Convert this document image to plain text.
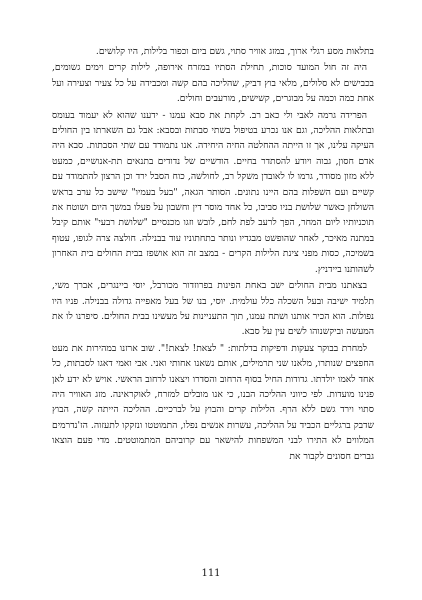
בתלאות מסע רגלי ארוך, במזג אוויר סתוי, גשם ביום וכפור בלילות, היו קלושים.

היה זה חול המועד סוכות, תחילת הסתיו במזרח אירופה, לילות קרים וימים גשומים, בכבישים לא סלולים, מלאי בוץ דביק, שהליכה בהם קשה ומכבידה על כל צעיר וצעירה ועל אחת כמה וכמה על מבוגרים, קשישים, מורעבים וחולים.

הפרידה גרמה לאבי ולי כאב רב. לקחת את סבא עמנו - ידענו שהוא לא יעמוד בעומס ובתלאות ההליכה, וגם אנו נכרע בטיפול בשתי סבתות ובסבא: אבל גם השארתו בין החולים העיקה עלינו, אך זו הייתה ההחלטה החיה היחידה. אנו נתמודד עם שתי הסבתות. סבא היה אדם חסון, גבוה ויודע להסתדר בחיים. הודשיים של נדודים בתנאים תת-אנושיים, כמעט ללא מזון מסודר, גרמו לו לאובדן משקל רב, לחולשה, כוח הסבל ירד וכן הרצון להתמודד עם קשיים ועם השפלות בהם היינו נתונים. הסותר הגאה, "בעל בעמיו" שישב כל ערב בראש השולחן כאשר שלושת בניו סביבו, כל אחד מוסר דין וחשבון על פעלו במשך היום ושוטח את תוכניותיו ליום המחר, הפך לרעב לפת לחם, לובש וזגו מכנסיים "שלושת רבעי" אותם קיבל במתנה מאיכר, לאחר שהופשט מבגדיו ונותר בתחתוניו עוד בבנילה. חולצה צרה לגופו, עטוף בשמיכה, כסות מפני צינת הלילות הקרים - במצב זה הוא אושפז בבית החולים בית האחרון לשהותנו ביידניץ.

בצאתנו מבית החולים ישב באחת הפינות בפרוזדור מכורבל, יוסי ביינגרים, אברך משי, תלמיד ישיבה ובעל השכלה כלל עולמית. יוסי, בנו של בעל מאפייה גדולה בבנילה. פניו היו נפולות. הוא הכיר אותנו ושתח עמנו, תוך התעניינות על מעשינו בבית החולים. סיפרנו לו את המעשה וביקשנוהו לשים עין על סבא.

למחרת בבוקר צעקות ודפיקות בדלתות: " לצאת! לצאת!". שוב ארזנו במהירות את מעט החפצים שנותרו, מלאנו שני תרמילים, אותם נשאנו אחותי ואני. אבי ואמי דאגו לסבתות, כל אחד לאמו יולדתו. גדודות החיל בסוף הרחוב והסדרו ויצאנו לרחוב הראשי. אויש לא ידע לאן פנינו מועדות. לפי כיווני ההליכה הבנו, כי אנו מובלים למזרח, לאוקראינה. מזג האוויר היה סתוי וירד גשם ללא הרף. הלילות קרים והבוץ על לברכיים. ההליכה הייתה קשה, הבוץ שדבק ברגליים הכביד על ההליכה, עשרות אנשים נפלו, התמוטטו ונזקקו לתעזוה. הז'נדרמים המלווים לא התירו לבני המשפחות להישאר עם קרוביהם המתמוטטים. מדי פעם הוצאו גברים חסונים לקבור את

111
